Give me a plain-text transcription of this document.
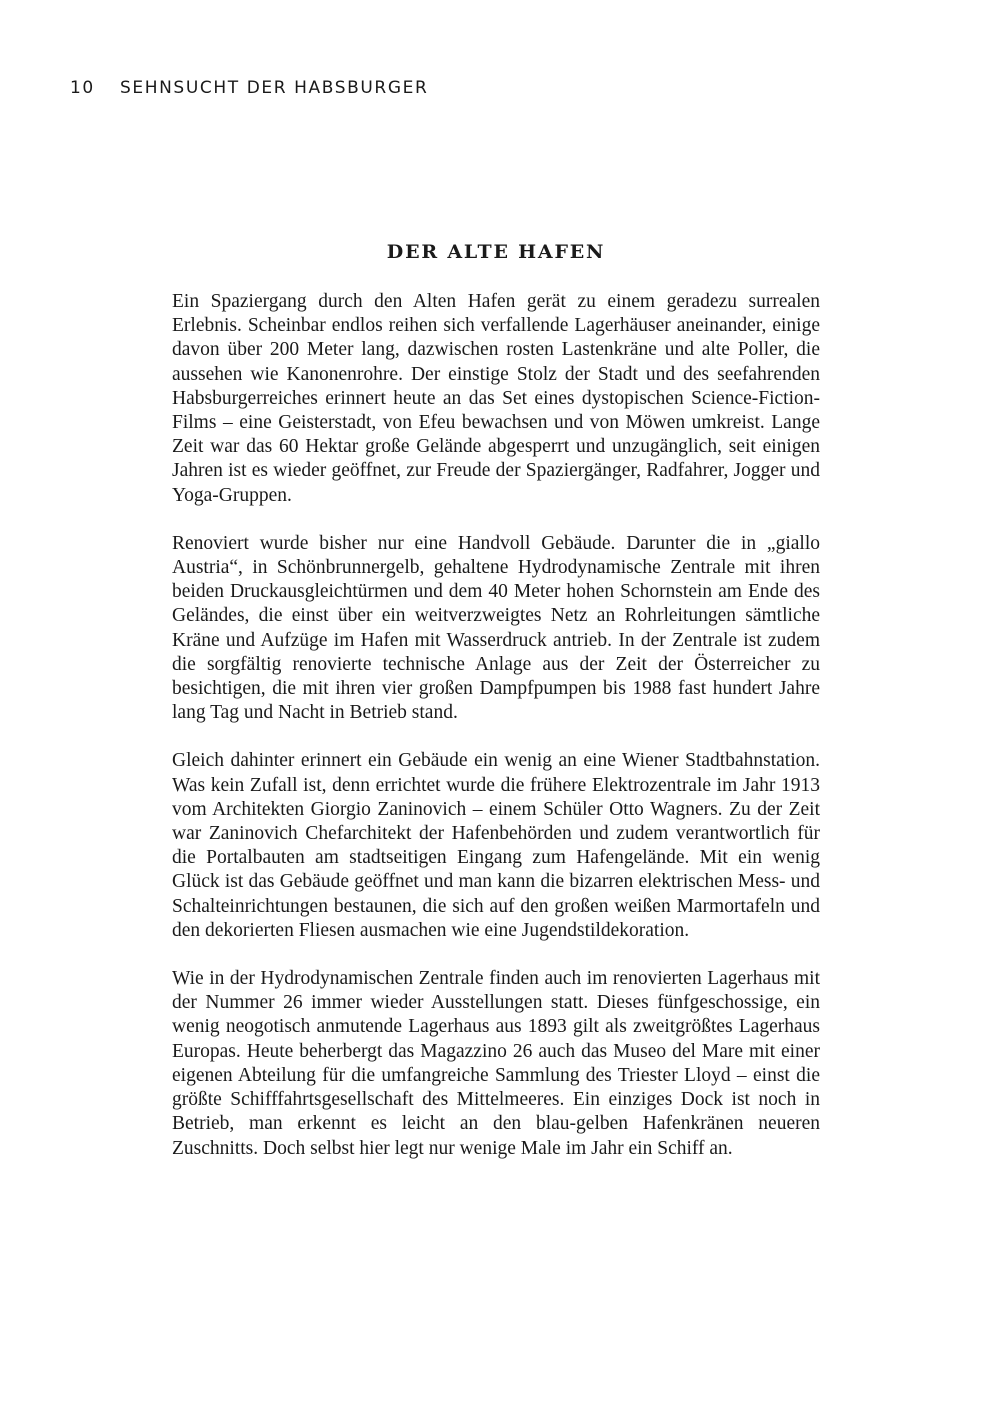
10 SEHNSUCHT DER HABSBURGER
DER ALTE HAFEN

Ein Spaziergang durch den Alten Hafen gerät zu einem geradezu surrealen Erlebnis. Scheinbar endlos reihen sich verfallende Lagerhäuser aneinander, einige davon über 200 Meter lang, dazwischen rosten Lastenkräne und alte Poller, die aussehen wie Kanonenrohre. Der einstige Stolz der Stadt und des seefahrenden Habsburgerreiches erinnert heute an das Set eines dystopischen Science-Fiction-Films – eine Geisterstadt, von Efeu bewachsen und von Möwen umkreist. Lange Zeit war das 60 Hektar große Gelände abgesperrt und unzugänglich, seit einigen Jahren ist es wieder geöffnet, zur Freude der Spaziergänger, Radfahrer, Jogger und Yoga-Gruppen.

Renoviert wurde bisher nur eine Handvoll Gebäude. Darunter die in „giallo Austria“, in Schönbrunnergelb, gehaltene Hydrodynamische Zentrale mit ihren beiden Druckausgleichtürmen und dem 40 Meter hohen Schornstein am Ende des Geländes, die einst über ein weitverzweigtes Netz an Rohrleitungen sämtliche Kräne und Aufzüge im Hafen mit Wasserdruck antrieb. In der Zentrale ist zudem die sorgfältig renovierte technische Anlage aus der Zeit der Österreicher zu besichtigen, die mit ihren vier großen Dampfpumpen bis 1988 fast hundert Jahre lang Tag und Nacht in Betrieb stand.

Gleich dahinter erinnert ein Gebäude ein wenig an eine Wiener Stadtbahnstation. Was kein Zufall ist, denn errichtet wurde die frühere Elektrozentrale im Jahr 1913 vom Architekten Giorgio Zaninovich – einem Schüler Otto Wagners. Zu der Zeit war Zaninovich Chefarchitekt der Hafenbehörden und zudem verantwortlich für die Portalbauten am stadtseitigen Eingang zum Hafengelände. Mit ein wenig Glück ist das Gebäude geöffnet und man kann die bizarren elektrischen Mess- und Schalteinrichtungen bestaunen, die sich auf den großen weißen Marmortafeln und den dekorierten Fliesen ausmachen wie eine Jugendstildekoration.

Wie in der Hydrodynamischen Zentrale finden auch im renovierten Lagerhaus mit der Nummer 26 immer wieder Ausstellungen statt. Dieses fünfgeschossige, ein wenig neogotisch anmutende Lagerhaus aus 1893 gilt als zweitgrößtes Lagerhaus Europas. Heute beherbergt das Magazzino 26 auch das Museo del Mare mit einer eigenen Abteilung für die umfangreiche Sammlung des Triester Lloyd – einst die größte Schifffahrtsgesellschaft des Mittelmeeres. Ein einziges Dock ist noch in Betrieb, man erkennt es leicht an den blau-gelben Hafenkränen neueren Zuschnitts. Doch selbst hier legt nur wenige Male im Jahr ein Schiff an.
